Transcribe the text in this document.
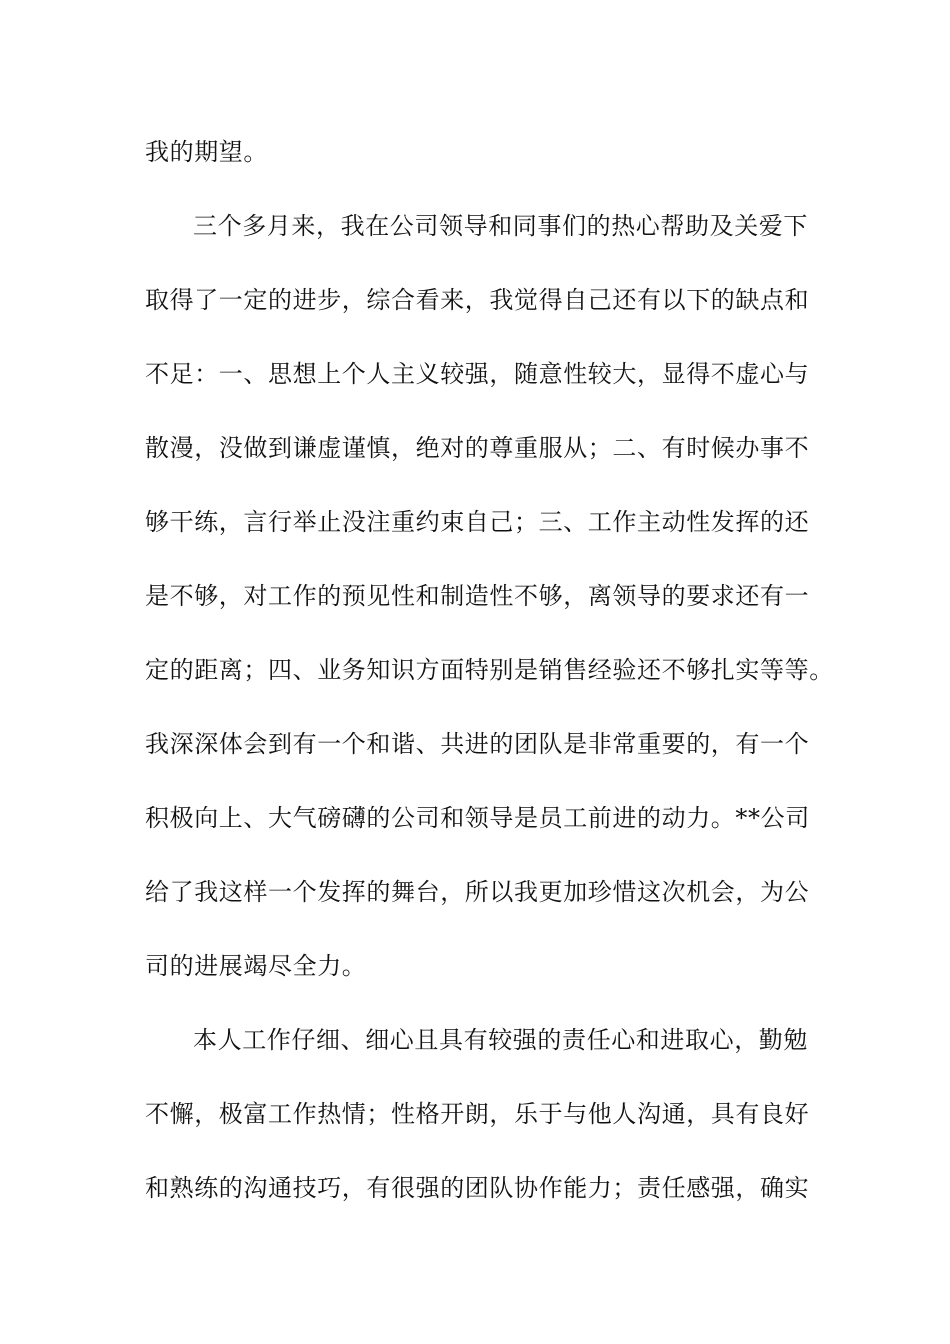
我的期望。
三个多月来，我在公司领导和同事们的热心帮助及关爱下
取得了一定的进步，综合看来，我觉得自己还有以下的缺点和
不足：一、思想上个人主义较强，随意性较大，显得不虚心与
散漫，没做到谦虚谨慎，绝对的尊重服从；二、有时候办事不
够干练，言行举止没注重约束自己；三、工作主动性发挥的还
是不够，对工作的预见性和制造性不够，离领导的要求还有一
定的距离；四、业务知识方面特别是销售经验还不够扎实等等。
我深深体会到有一个和谐、共进的团队是非常重要的，有一个
积极向上、大气磅礴的公司和领导是员工前进的动力。**公司
给了我这样一个发挥的舞台，所以我更加珍惜这次机会，为公
司的进展竭尽全力。
本人工作仔细、细心且具有较强的责任心和进取心，勤勉
不懈，极富工作热情；性格开朗，乐于与他人沟通，具有良好
和熟练的沟通技巧，有很强的团队协作能力；责任感强，确实
